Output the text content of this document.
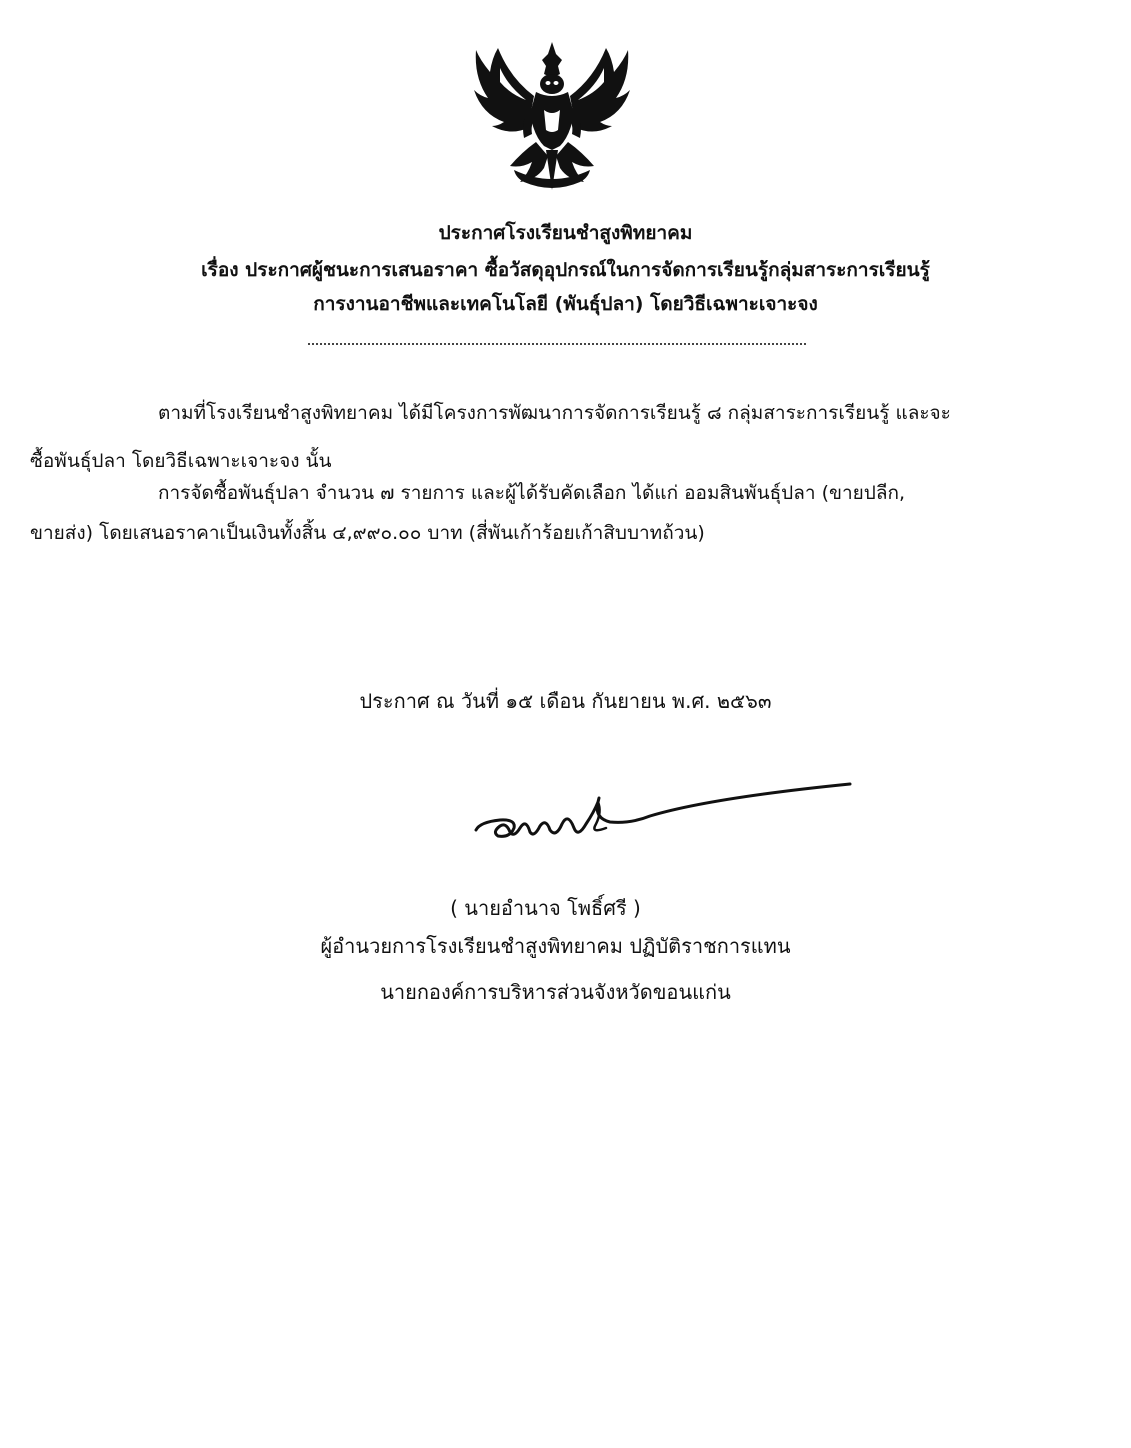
ประกาศโรงเรียนชำสูงพิทยาคม
เรื่อง ประกาศผู้ชนะการเสนอราคา ซื้อวัสดุอุปกรณ์ในการจัดการเรียนรู้กลุ่มสาระการเรียนรู้
การงานอาชีพและเทคโนโลยี (พันธุ์ปลา) โดยวิธีเฉพาะเจาะจง
ตามที่โรงเรียนชำสูงพิทยาคม ได้มีโครงการพัฒนาการจัดการเรียนรู้ ๘ กลุ่มสาระการเรียนรู้ และจะ
ซื้อพันธุ์ปลา โดยวิธีเฉพาะเจาะจง นั้น
การจัดซื้อพันธุ์ปลา จำนวน ๗ รายการ และผู้ได้รับคัดเลือก ได้แก่ ออมสินพันธุ์ปลา (ขายปลีก,
ขายส่ง) โดยเสนอราคาเป็นเงินทั้งสิ้น ๔,๙๙๐.๐๐ บาท (สี่พันเก้าร้อยเก้าสิบบาทถ้วน)
ประกาศ ณ วันที่ ๑๕ เดือน กันยายน พ.ศ. ๒๕๖๓
( นายอำนาจ โพธิ์ศรี )
ผู้อำนวยการโรงเรียนชำสูงพิทยาคม ปฏิบัติราชการแทน
นายกองค์การบริหารส่วนจังหวัดขอนแก่น
